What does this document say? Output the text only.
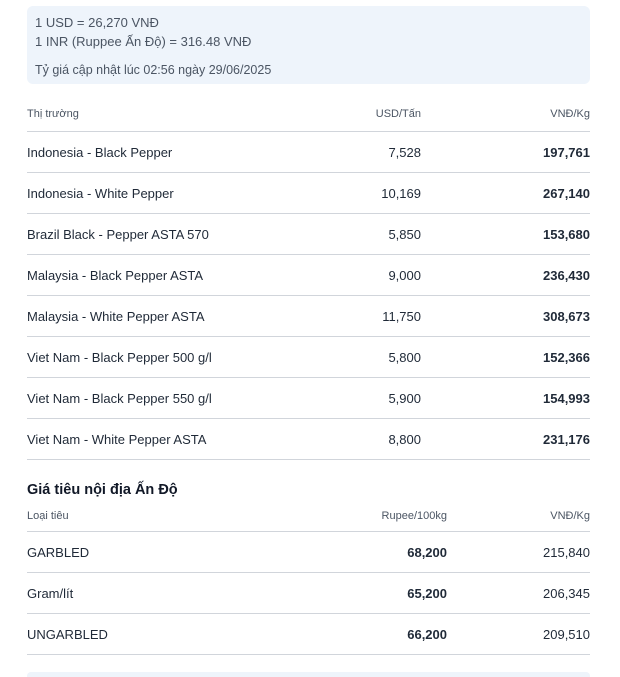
1 USD = 26,270 VNĐ
1 INR (Ruppee Ấn Độ) = 316.48 VNĐ
Tỷ giá cập nhật lúc 02:56 ngày 29/06/2025
Thị trường	USD/Tấn	VNĐ/Kg
Indonesia - Black Pepper	7,528	197,761
Indonesia - White Pepper	10,169	267,140
Brazil Black - Pepper ASTA 570	5,850	153,680
Malaysia - Black Pepper ASTA	9,000	236,430
Malaysia - White Pepper ASTA	11,750	308,673
Viet Nam - Black Pepper 500 g/l	5,800	152,366
Viet Nam - Black Pepper 550 g/l	5,900	154,993
Viet Nam - White Pepper ASTA	8,800	231,176
Giá tiêu nội địa Ấn Độ
Loại tiêu	Rupee/100kg	VNĐ/Kg
GARBLED	68,200	215,840
Gram/lít	65,200	206,345
UNGARBLED	66,200	209,510
